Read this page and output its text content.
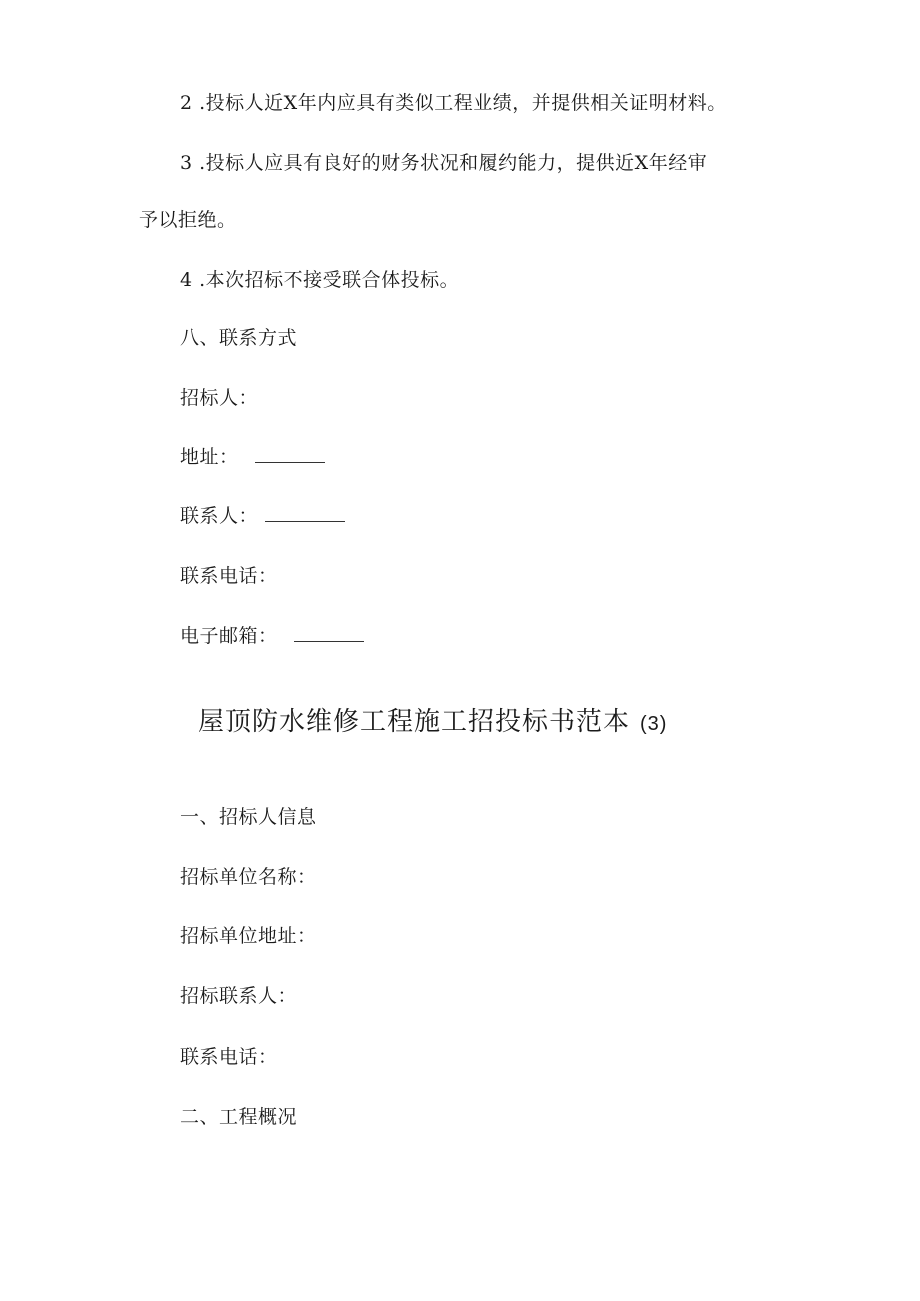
2 .投标人近X年内应具有类似工程业绩，并提供相关证明材料。
3 .投标人应具有良好的财务状况和履约能力，提供近X年经审
予以拒绝。
4 .本次招标不接受联合体投标。
八、联系方式
招标人：
地址：
联系人：
联系电话：
电子邮箱：
屋顶防水维修工程施工招投标书范本 (3)
一、招标人信息
招标单位名称：
招标单位地址：
招标联系人：
联系电话：
二、工程概况
